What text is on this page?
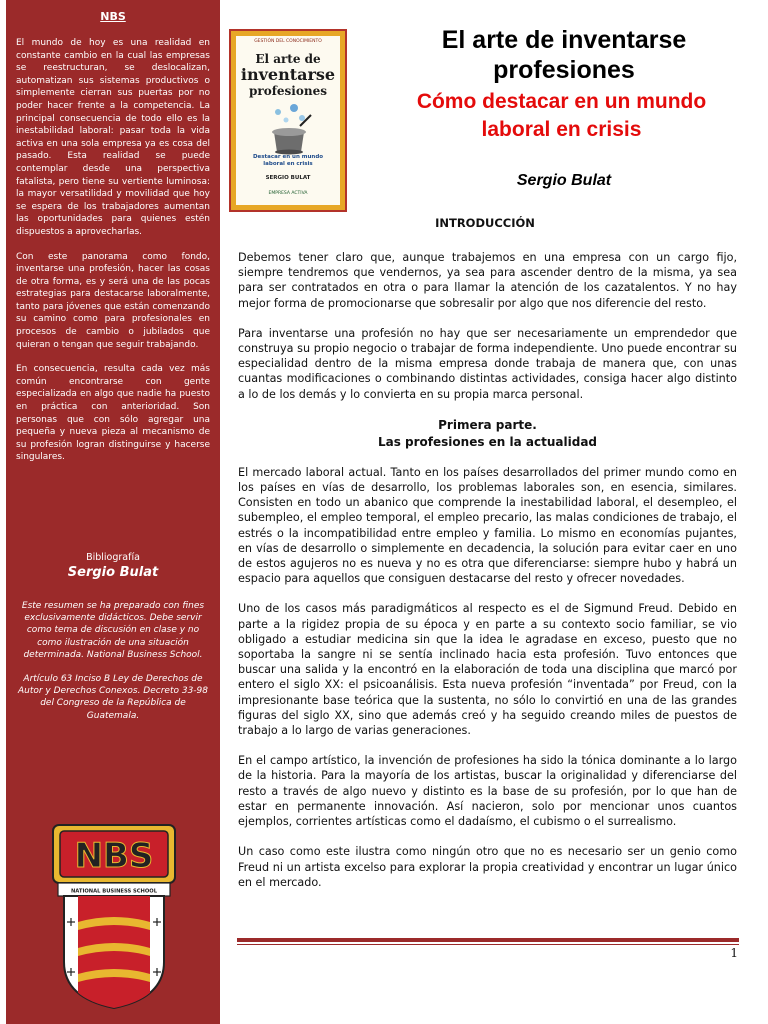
NBS

El mundo de hoy es una realidad en constante cambio en la cual las empresas se reestructuran, se deslocalizan, automatizan sus sistemas productivos o simplemente cierran sus puertas por no poder hacer frente a la competencia. La principal consecuencia de todo ello es la inestabilidad laboral: pasar toda la vida activa en una sola empresa ya es cosa del pasado. Esta realidad se puede contemplar desde una perspectiva fatalista, pero tiene su vertiente luminosa: la mayor versatilidad y movilidad que hoy se espera de los trabajadores aumentan las oportunidades para quienes estén dispuestos a aprovecharlas.

Con este panorama como fondo, inventarse una profesión, hacer las cosas de otra forma, es y será una de las pocas estrategias para destacarse laboralmente, tanto para jóvenes que están comenzando su camino como para profesionales en procesos de cambio o jubilados que quieran o tengan que seguir trabajando.

En consecuencia, resulta cada vez más común encontrarse con gente especializada en algo que nadie ha puesto en práctica con anterioridad. Son personas que con sólo agregar una pequeña y nueva pieza al mecanismo de su profesión logran distinguirse y hacerse singulares.

Bibliografía
Sergio Bulat

Este resumen se ha preparado con fines exclusivamente didácticos. Debe servir como tema de discusión en clase y no como ilustración de una situación determinada. National Business School.

Artículo 63 Inciso B Ley de Derechos de Autor y Derechos Conexos. Decreto 33-98 del Congreso de la República de Guatemala.

NBS
NATIONAL BUSINESS SCHOOL
GESTIÓN DEL CONOCIMIENTO
El arte de
inventarse
profesiones
Destacar en un mundo laboral en crisis
SERGIO BULAT
EMPRESA ACTIVA
El arte de inventarse
profesiones
Cómo destacar en un mundo
laboral en crisis
Sergio Bulat
INTRODUCCIÓN

Debemos tener claro que, aunque trabajemos en una empresa con un cargo fijo, siempre tendremos que vendernos, ya sea para ascender dentro de la misma, ya sea para ser contratados en otra o para llamar la atención de los cazatalentos. Y no hay mejor forma de promocionarse que sobresalir por algo que nos diferencie del resto.

Para inventarse una profesión no hay que ser necesariamente un emprendedor que construya su propio negocio o trabajar de forma independiente. Uno puede encontrar su especialidad dentro de la misma empresa donde trabaja de manera que, con unas cuantas modificaciones o combinando distintas actividades, consiga hacer algo distinto a lo de los demás y lo convierta en su propia marca personal.

Primera parte.
Las profesiones en la actualidad

El mercado laboral actual. Tanto en los países desarrollados del primer mundo como en los países en vías de desarrollo, los problemas laborales son, en esencia, similares. Consisten en todo un abanico que comprende la inestabilidad laboral, el desempleo, el subempleo, el empleo temporal, el empleo precario, las malas condiciones de trabajo, el estrés o la incompatibilidad entre empleo y familia. Lo mismo en economías pujantes, en vías de desarrollo o simplemente en decadencia, la solución para evitar caer en uno de estos agujeros no es nueva y no es otra que diferenciarse: siempre hubo y habrá un espacio para aquellos que consiguen destacarse del resto y ofrecer novedades.

Uno de los casos más paradigmáticos al respecto es el de Sigmund Freud. Debido en parte a la rigidez propia de su época y en parte a su contexto socio familiar, se vio obligado a estudiar medicina sin que la idea le agradase en exceso, puesto que no soportaba la sangre ni se sentía inclinado hacia esta profesión. Tuvo entonces que buscar una salida y la encontró en la elaboración de toda una disciplina que marcó por entero el siglo XX: el psicoanálisis. Esta nueva profesión “inventada” por Freud, con la impresionante base teórica que la sustenta, no sólo lo convirtió en una de las grandes figuras del siglo XX, sino que además creó y ha seguido creando miles de puestos de trabajo a lo largo de varias generaciones.

En el campo artístico, la invención de profesiones ha sido la tónica dominante a lo largo de la historia. Para la mayoría de los artistas, buscar la originalidad y diferenciarse del resto a través de algo nuevo y distinto es la base de su profesión, por lo que han de estar en permanente innovación. Así nacieron, solo por mencionar unos cuantos ejemplos, corrientes artísticas como el dadaísmo, el cubismo o el surrealismo.

Un caso como este ilustra como ningún otro que no es necesario ser un genio como Freud ni un artista excelso para explorar la propia creatividad y encontrar un lugar único en el mercado.

1
